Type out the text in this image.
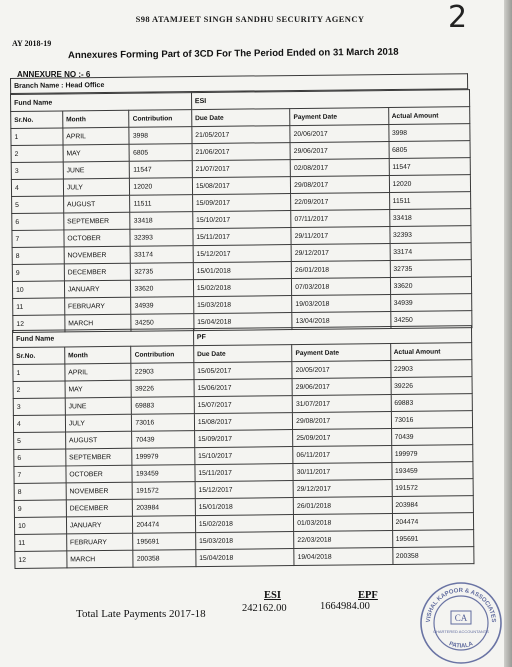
S98 ATAMJEET SINGH SANDHU SECURITY AGENCY	2
AY 2018-19
Annexures Forming Part of 3CD For The Period Ended on 31 March 2018
ANNEXURE NO :- 6
Branch Name : Head Office
Fund Name			ESI		
Sr.No.	Month	Contribution	Due Date	Payment Date	Actual Amount
1	APRIL	3998	21/05/2017	20/06/2017	3998
2	MAY	6805	21/06/2017	29/06/2017	6805
3	JUNE	11547	21/07/2017	02/08/2017	11547
4	JULY	12020	15/08/2017	29/08/2017	12020
5	AUGUST	11511	15/09/2017	22/09/2017	11511
6	SEPTEMBER	33418	15/10/2017	07/11/2017	33418
7	OCTOBER	32393	15/11/2017	29/11/2017	32393
8	NOVEMBER	33174	15/12/2017	29/12/2017	33174
9	DECEMBER	32735	15/01/2018	26/01/2018	32735
10	JANUARY	33620	15/02/2018	07/03/2018	33620
11	FEBRUARY	34939	15/03/2018	19/03/2018	34939
12	MARCH	34250	15/04/2018	13/04/2018	34250
Fund Name			PF		
Sr.No.	Month	Contribution	Due Date	Payment Date	Actual Amount
1	APRIL	22903	15/05/2017	20/05/2017	22903
2	MAY	39226	15/06/2017	29/06/2017	39226
3	JUNE	69883	15/07/2017	31/07/2017	69883
4	JULY	73016	15/08/2017	29/08/2017	73016
5	AUGUST	70439	15/09/2017	25/09/2017	70439
6	SEPTEMBER	199979	15/10/2017	06/11/2017	199979
7	OCTOBER	193459	15/11/2017	30/11/2017	193459
8	NOVEMBER	191572	15/12/2017	29/12/2017	191572
9	DECEMBER	203984	15/01/2018	26/01/2018	203984
10	JANUARY	204474	15/02/2018	01/03/2018	204474
11	FEBRUARY	195691	15/03/2018	22/03/2018	195691
12	MARCH	200358	15/04/2018	19/04/2018	200358
Total Late Payments 2017-18
ESI
242162.00
EPF
1664984.00
VISHAL KAPOOR & ASSOCIATES
CA
CHARTERED ACCOUNTANTS
PATIALA
